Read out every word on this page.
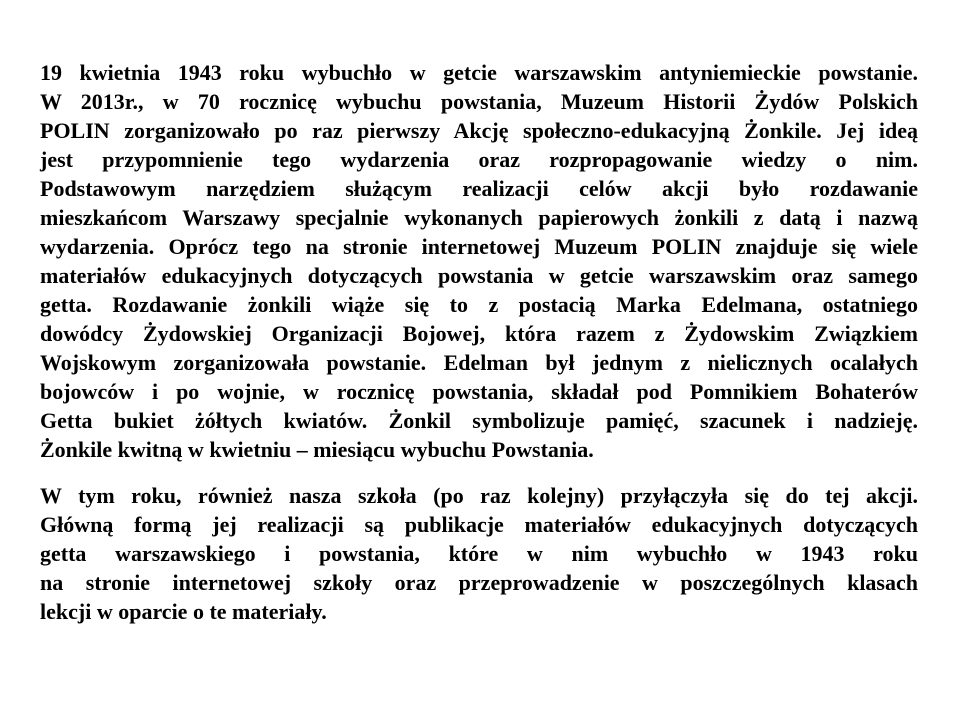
19 kwietnia 1943 roku wybuchło w getcie warszawskim antyniemieckie powstanie.
W 2013r., w 70 rocznicę wybuchu powstania, Muzeum Historii Żydów Polskich
POLIN zorganizowało po raz pierwszy Akcję społeczno-edukacyjną Żonkile. Jej ideą
jest przypomnienie tego wydarzenia oraz rozpropagowanie wiedzy o nim.
Podstawowym narzędziem służącym realizacji celów akcji było rozdawanie
mieszkańcom Warszawy specjalnie wykonanych papierowych żonkili z datą i nazwą
wydarzenia. Oprócz tego na stronie internetowej Muzeum POLIN znajduje się wiele
materiałów edukacyjnych dotyczących powstania w getcie warszawskim oraz samego
getta. Rozdawanie żonkili wiąże się to z postacią Marka Edelmana, ostatniego
dowódcy Żydowskiej Organizacji Bojowej, która razem z Żydowskim Związkiem
Wojskowym zorganizowała powstanie. Edelman był jednym z nielicznych ocalałych
bojowców i po wojnie, w rocznicę powstania, składał pod Pomnikiem Bohaterów
Getta bukiet żółtych kwiatów. Żonkil symbolizuje pamięć, szacunek i nadzieję.
Żonkile kwitną w kwietniu – miesiącu wybuchu Powstania.
W tym roku, również nasza szkoła (po raz kolejny) przyłączyła się do tej akcji.
Główną formą jej realizacji są publikacje materiałów edukacyjnych dotyczących
getta warszawskiego i powstania, które w nim wybuchło w 1943 roku
na stronie internetowej szkoły oraz przeprowadzenie w poszczególnych klasach
lekcji w oparcie o te materiały.
